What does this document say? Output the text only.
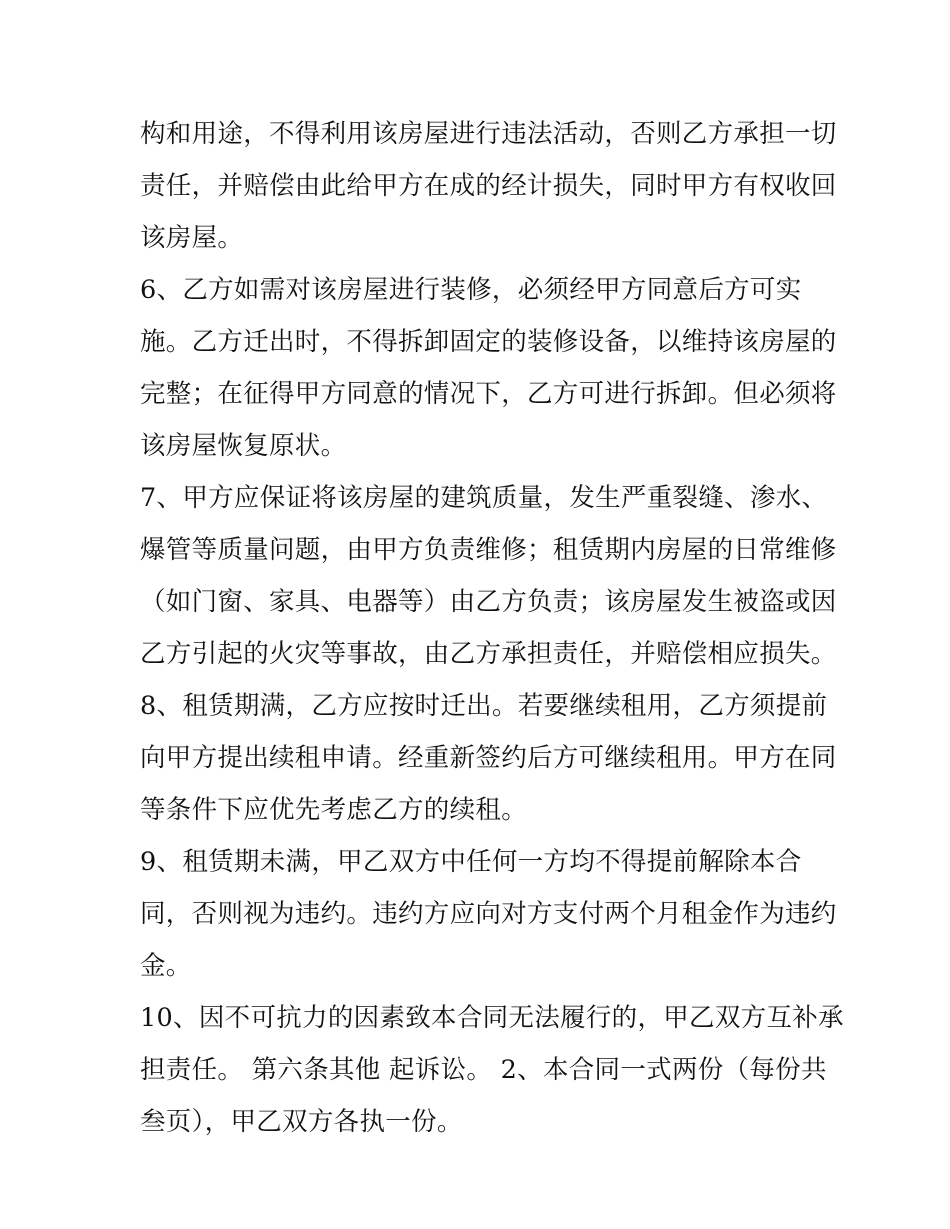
构和用途，不得利用该房屋进行违法活动，否则乙方承担一切
责任，并赔偿由此给甲方在成的经计损失，同时甲方有权收回
该房屋。
6、乙方如需对该房屋进行装修，必须经甲方同意后方可实
施。乙方迁出时，不得拆卸固定的装修设备，以维持该房屋的
完整；在征得甲方同意的情况下，乙方可进行拆卸。但必须将
该房屋恢复原状。
7、甲方应保证将该房屋的建筑质量，发生严重裂缝、渗水、
爆管等质量问题，由甲方负责维修；租赁期内房屋的日常维修
（如门窗、家具、电器等）由乙方负责；该房屋发生被盗或因
乙方引起的火灾等事故，由乙方承担责任，并赔偿相应损失。
8、租赁期满，乙方应按时迁出。若要继续租用，乙方须提前
向甲方提出续租申请。经重新签约后方可继续租用。甲方在同
等条件下应优先考虑乙方的续租。
9、租赁期未满，甲乙双方中任何一方均不得提前解除本合
同，否则视为违约。违约方应向对方支付两个月租金作为违约
金。
10、因不可抗力的因素致本合同无法履行的，甲乙双方互补承
担责任。 第六条其他 起诉讼。 2、本合同一式两份（每份共
叁页），甲乙双方各执一份。
